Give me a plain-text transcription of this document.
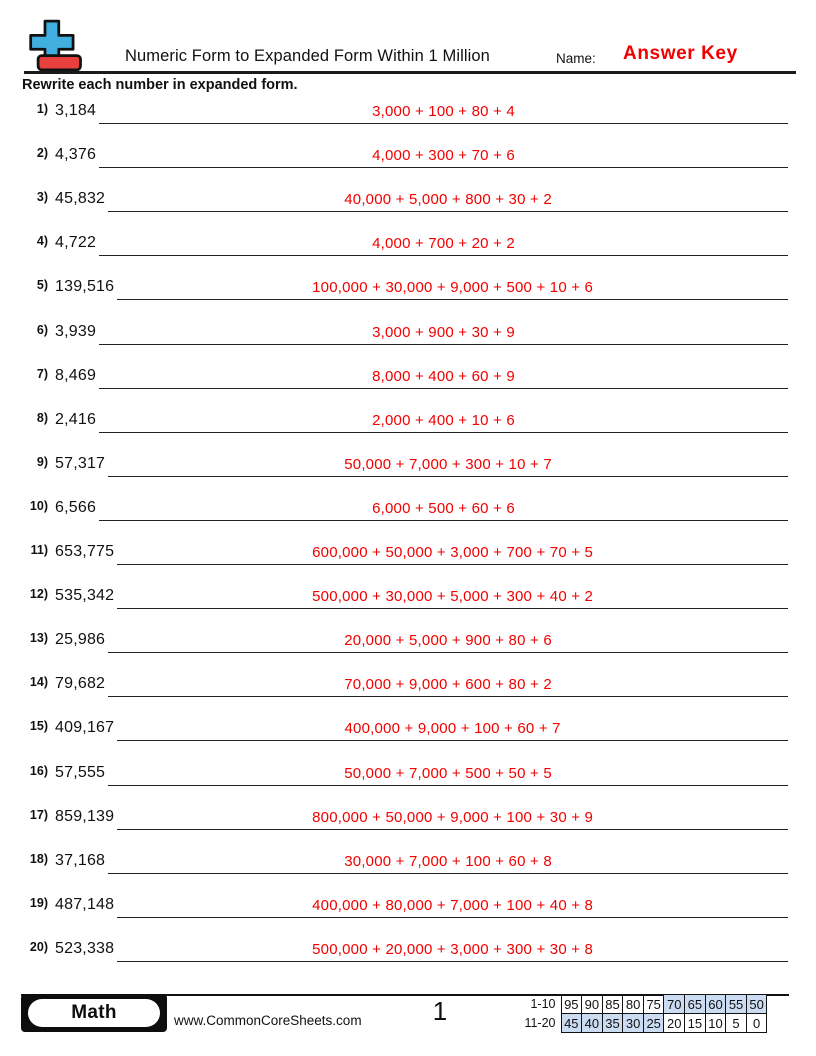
Numeric Form to Expanded Form Within 1 Million	Name: Answer Key
Rewrite each number in expanded form.
1) 3,184	3,000 + 100 + 80 + 4
2) 4,376	4,000 + 300 + 70 + 6
3) 45,832	40,000 + 5,000 + 800 + 30 + 2
4) 4,722	4,000 + 700 + 20 + 2
5) 139,516	100,000 + 30,000 + 9,000 + 500 + 10 + 6
6) 3,939	3,000 + 900 + 30 + 9
7) 8,469	8,000 + 400 + 60 + 9
8) 2,416	2,000 + 400 + 10 + 6
9) 57,317	50,000 + 7,000 + 300 + 10 + 7
10) 6,566	6,000 + 500 + 60 + 6
11) 653,775	600,000 + 50,000 + 3,000 + 700 + 70 + 5
12) 535,342	500,000 + 30,000 + 5,000 + 300 + 40 + 2
13) 25,986	20,000 + 5,000 + 900 + 80 + 6
14) 79,682	70,000 + 9,000 + 600 + 80 + 2
15) 409,167	400,000 + 9,000 + 100 + 60 + 7
16) 57,555	50,000 + 7,000 + 500 + 50 + 5
17) 859,139	800,000 + 50,000 + 9,000 + 100 + 30 + 9
18) 37,168	30,000 + 7,000 + 100 + 60 + 8
19) 487,148	400,000 + 80,000 + 7,000 + 100 + 40 + 8
20) 523,338	500,000 + 20,000 + 3,000 + 300 + 30 + 8
Math	www.CommonCoreSheets.com	1	1-10	95	90	85	80	75	70	65	60	55	50
11-20	45	40	35	30	25	20	15	10	5	0
